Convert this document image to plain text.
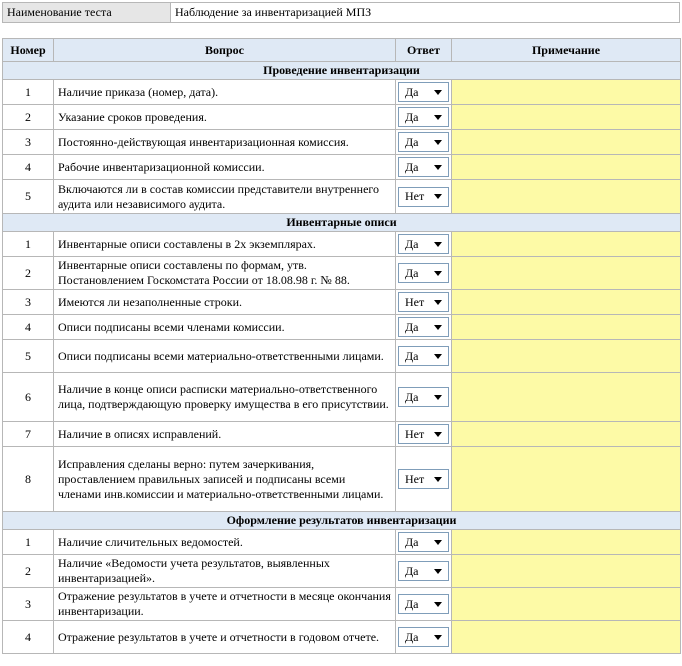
Наименование теста	Наблюдение за инвентаризацией МПЗ
Номер	Вопрос	Ответ	Примечание
Проведение инвентаризации			
1	Наличие приказа (номер, дата).	Да	

2	Указание сроков проведения.	Да	

3	Постоянно-действующая инвентаризационная комиссия.	Да	

4	Рабочие инвентаризационной комиссии.	Да	

5	Включаются ли в состав комиссии представители внутреннего аудита или независимого аудита.	Нет	

Инвентарные описи			
1	Инвентарные описи составлены в 2х экземплярах.	Да	

2	Инвентарные описи составлены по формам, утв. Постановлением Госкомстата России от 18.08.98 г. № 88.	Да	

3	Имеются ли незаполненные строки.	Нет	

4	Описи подписаны всеми членами комиссии.	Да	

5	Описи подписаны всеми материально-ответственными лицами.	Да	

6	Наличие в конце описи расписки материально-ответственного лица, подтверждающую проверку имущества в его присутствии.	Да	

7	Наличие в описях исправлений.	Нет	

8	Исправления сделаны верно: путем зачеркивания, проставлением правильных записей и подписаны всеми членами инв.комиссии и материально-ответственными лицами.	Нет	

Оформление результатов инвентаризации			
1	Наличие сличительных ведомостей.	Да	

2	Наличие «Ведомости учета результатов, выявленных инвентаризацией».	Да	

3	Отражение результатов в учете и отчетности в месяце окончания инвентаризации.	Да	

4	Отражение результатов в учете и отчетности в годовом отчете.	Да	
